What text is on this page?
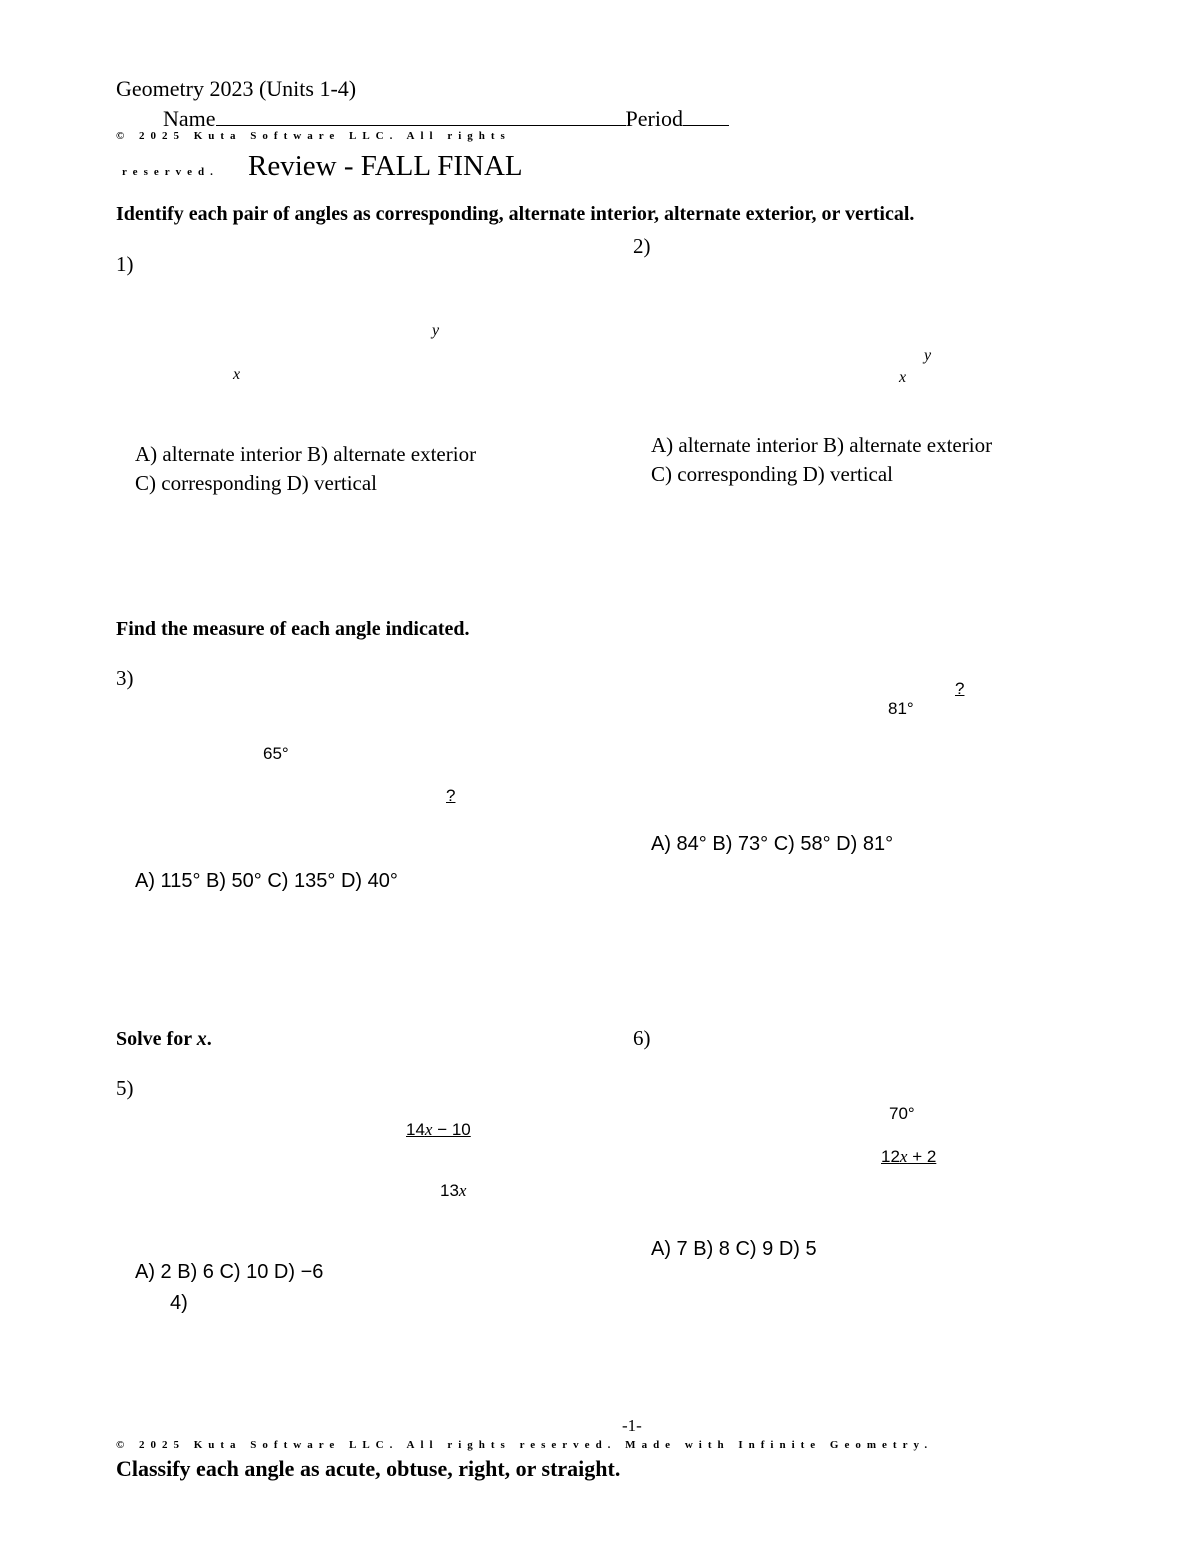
Geometry 2023 (Units 1-4)
Name	Period
© 2025 Kuta Software LLC. All rights
reserved. Review - FALL FINAL
Identify each pair of angles as corresponding, alternate interior, alternate exterior, or vertical.
1)
y
x
A) alternate interior B) alternate exterior
C) corresponding D) vertical
2)
y
x
A) alternate interior B) alternate exterior
C) corresponding D) vertical
Find the measure of each angle indicated.
3)
65°
?
A) 115° B) 50° C) 135° D) 40°
81°
?
A) 84° B) 73° C) 58° D) 81°
Solve for x.
5)
14x − 10
13x
A) 2 B) 6 C) 10 D) −6
4)
6)
70°
12x + 2
A) 7 B) 8 C) 9 D) 5
-1-
© 2025 Kuta Software LLC. All rights reserved. Made with Infinite Geometry.
Classify each angle as acute, obtuse, right, or straight.
